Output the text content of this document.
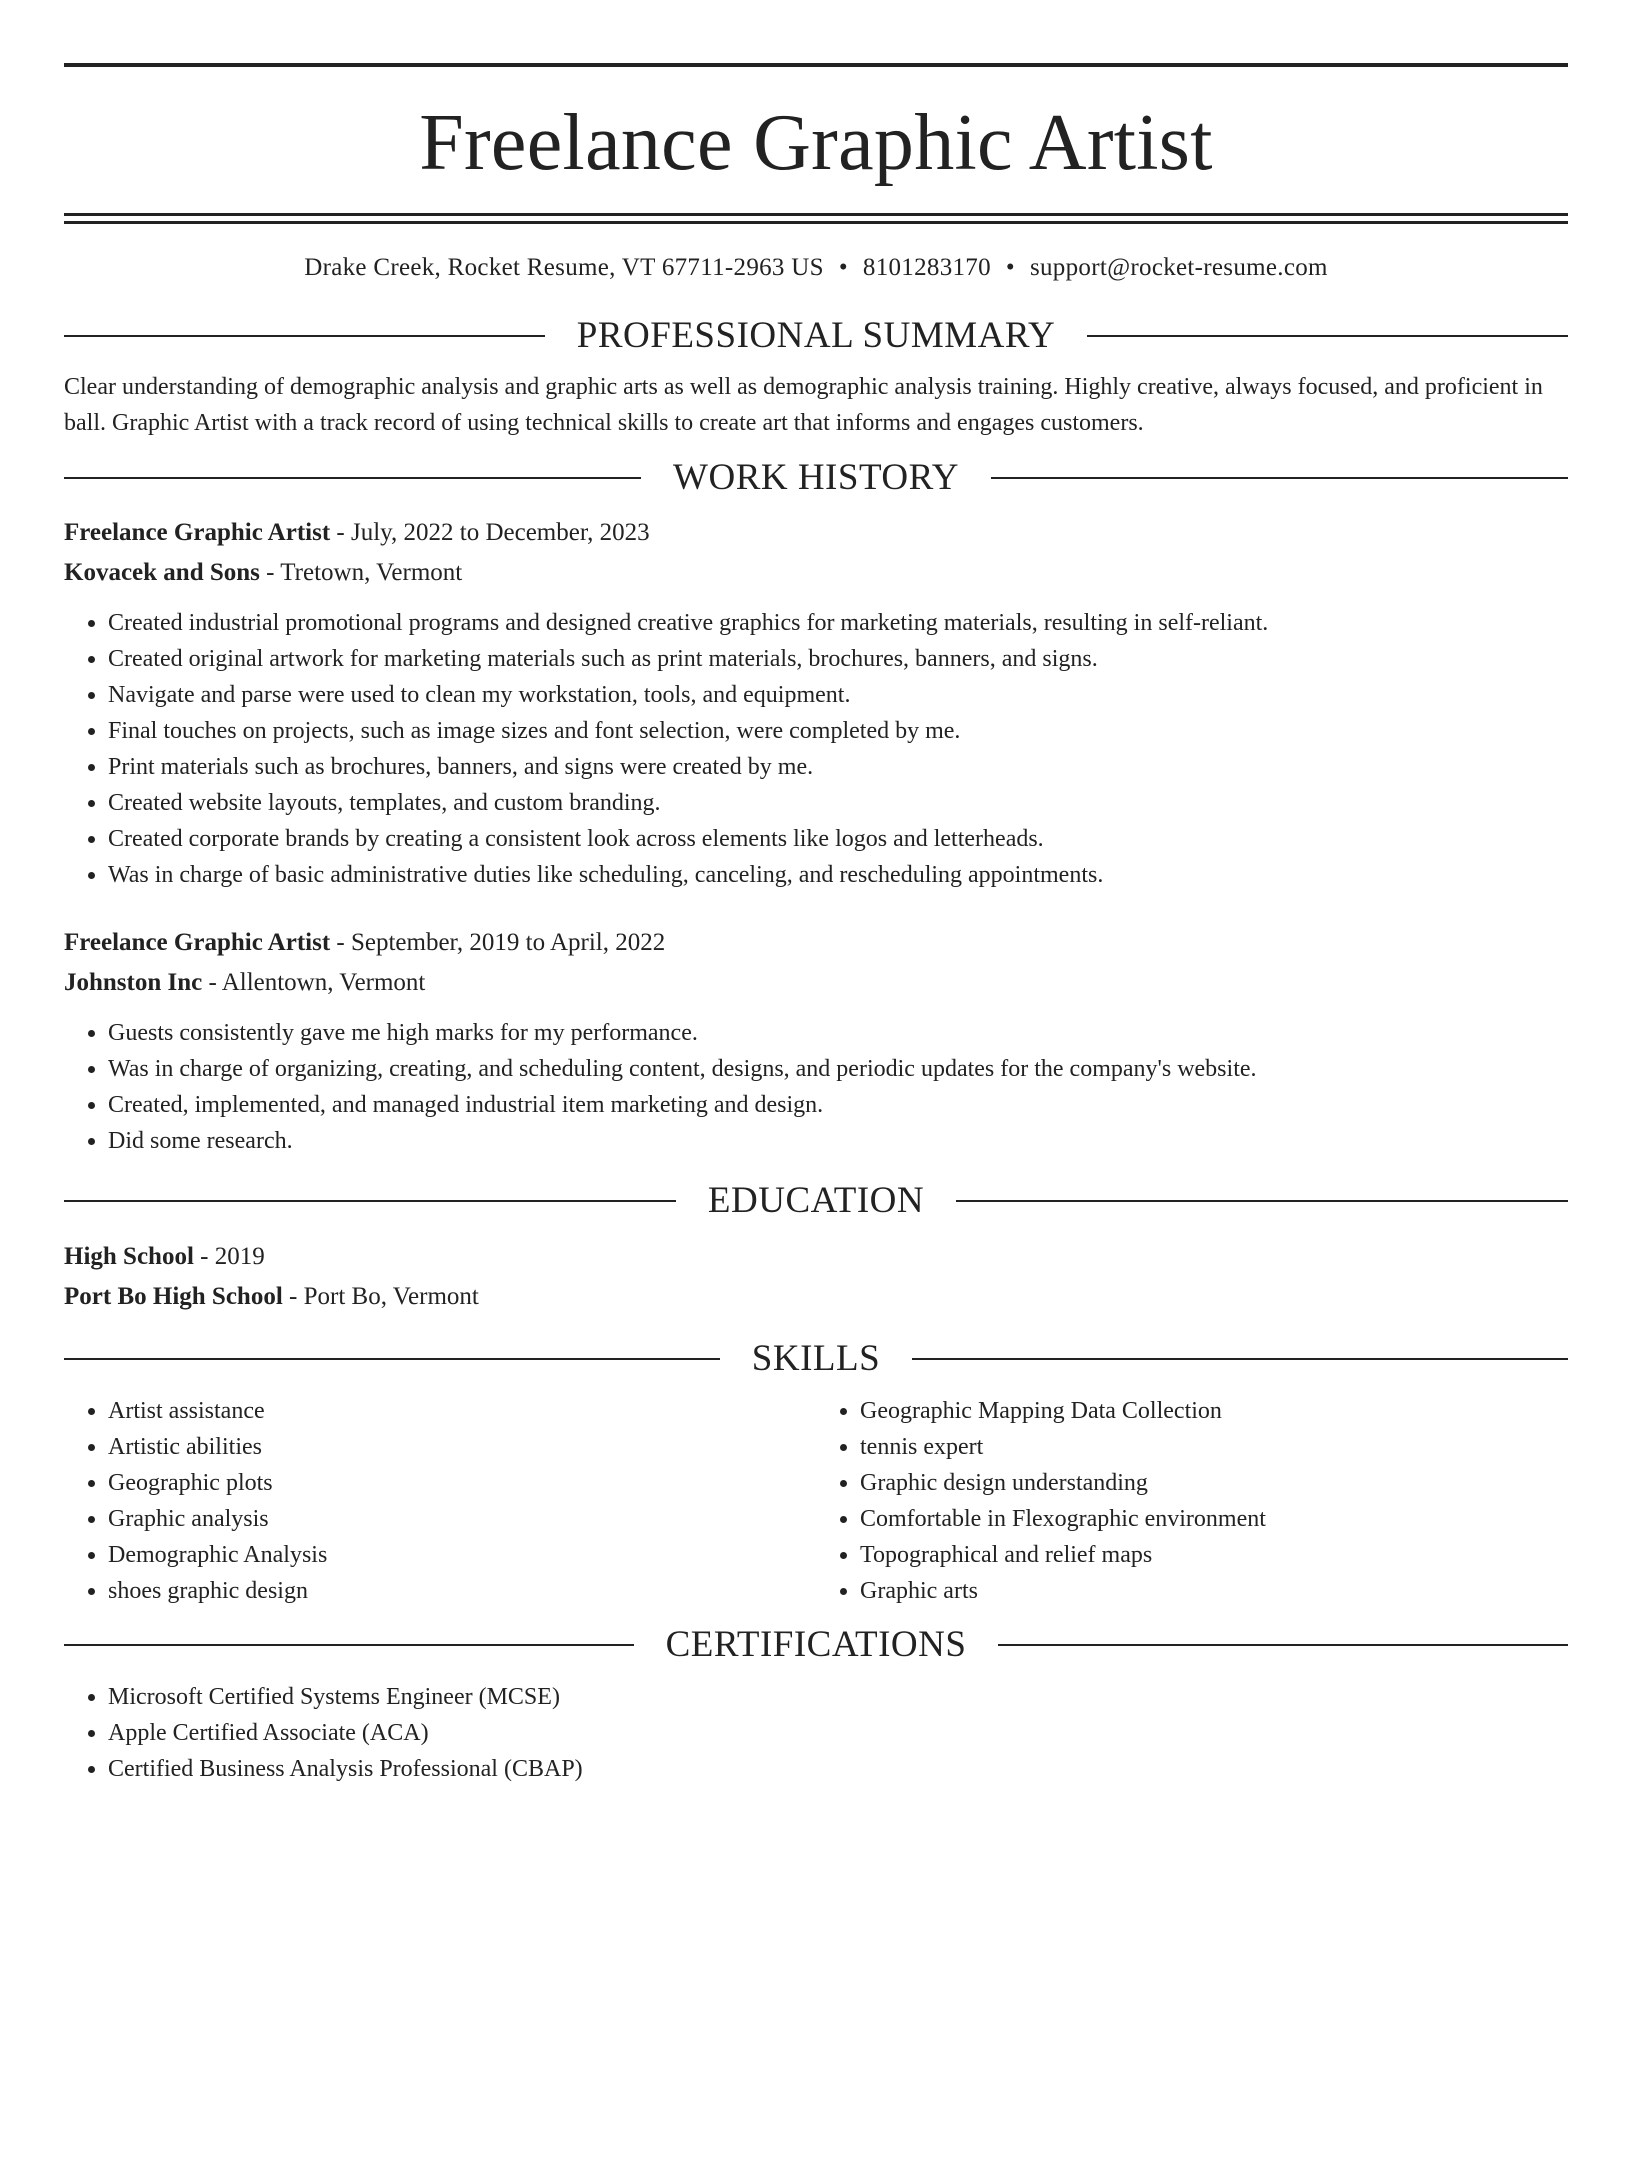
Freelance Graphic Artist
Drake Creek, Rocket Resume, VT 67711-2963 US • 8101283170 • support@rocket-resume.com
PROFESSIONAL SUMMARY

Clear understanding of demographic analysis and graphic arts as well as demographic analysis training. Highly creative, always focused, and proficient in ball. Graphic Artist with a track record of using technical skills to create art that informs and engages customers.

WORK HISTORY
Freelance Graphic Artist - July, 2022 to December, 2023
Kovacek and Sons - Tretown, Vermont
• Created industrial promotional programs and designed creative graphics for marketing materials, resulting in self-reliant.
• Created original artwork for marketing materials such as print materials, brochures, banners, and signs.
• Navigate and parse were used to clean my workstation, tools, and equipment.
• Final touches on projects, such as image sizes and font selection, were completed by me.
• Print materials such as brochures, banners, and signs were created by me.
• Created website layouts, templates, and custom branding.
• Created corporate brands by creating a consistent look across elements like logos and letterheads.
• Was in charge of basic administrative duties like scheduling, canceling, and rescheduling appointments.
Freelance Graphic Artist - September, 2019 to April, 2022
Johnston Inc - Allentown, Vermont
• Guests consistently gave me high marks for my performance.
• Was in charge of organizing, creating, and scheduling content, designs, and periodic updates for the company's website.
• Created, implemented, and managed industrial item marketing and design.
• Did some research.
EDUCATION
High School - 2019
Port Bo High School - Port Bo, Vermont
SKILLS
• Artist assistance
• Artistic abilities
• Geographic plots
• Graphic analysis
• Demographic Analysis
• shoes graphic design
• Geographic Mapping Data Collection
• tennis expert
• Graphic design understanding
• Comfortable in Flexographic environment
• Topographical and relief maps
• Graphic arts
CERTIFICATIONS
• Microsoft Certified Systems Engineer (MCSE)
• Apple Certified Associate (ACA)
• Certified Business Analysis Professional (CBAP)
